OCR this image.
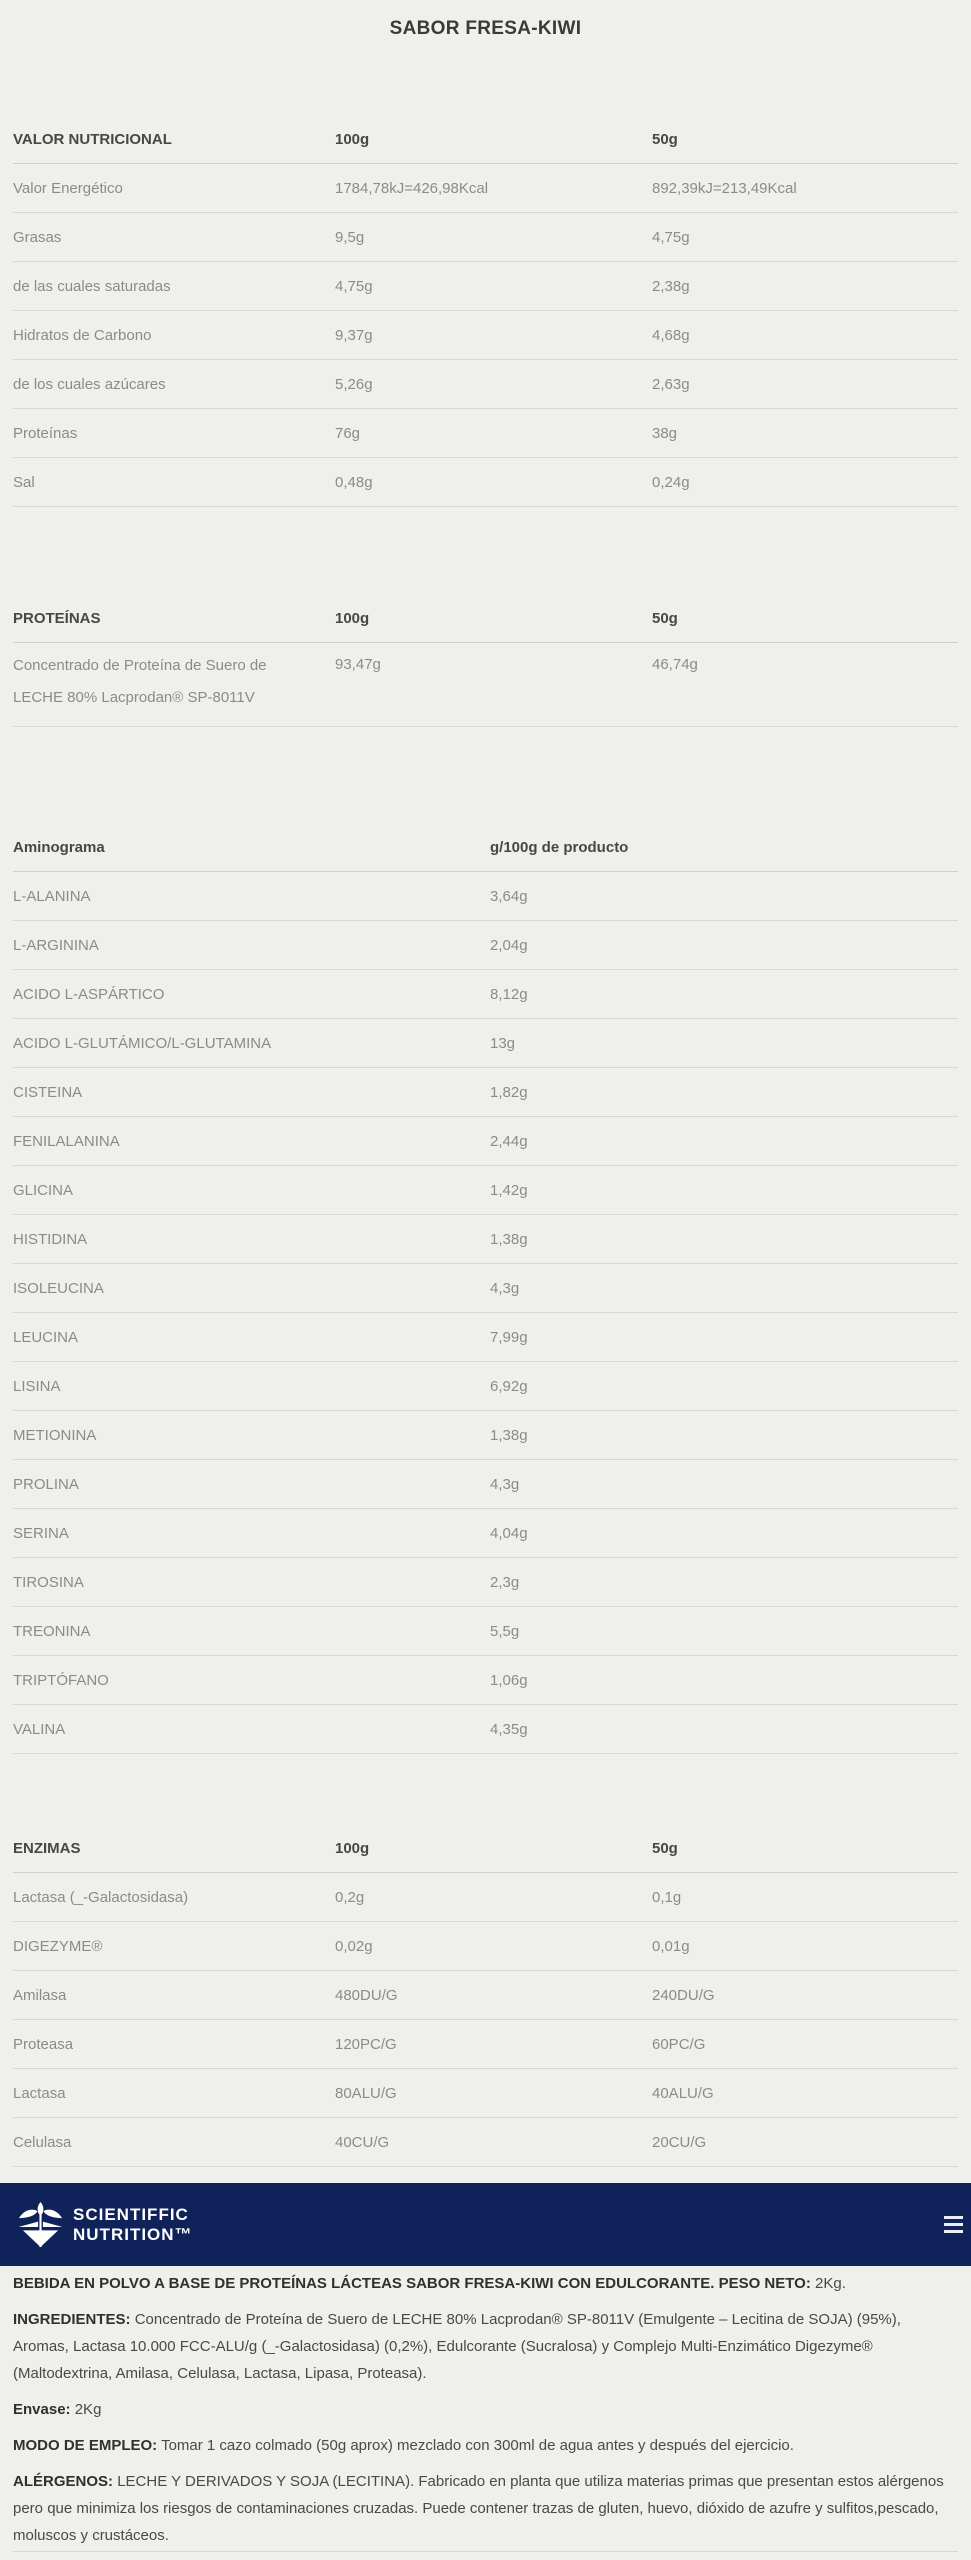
SABOR FRESA-KIWI
VALOR NUTRICIONAL	100g	50g
Valor Energético	1784,78kJ=426,98Kcal	892,39kJ=213,49Kcal
Grasas	9,5g	4,75g
de las cuales saturadas	4,75g	2,38g
Hidratos de Carbono	9,37g	4,68g
de los cuales azúcares	5,26g	2,63g
Proteínas	76g	38g
Sal	0,48g	0,24g
PROTEÍNAS	100g	50g
Concentrado de Proteína de Suero de LECHE 80% Lacprodan® SP-8011V
93,47g	46,74g
Aminograma	g/100g de producto
L-ALANINA	3,64g
L-ARGININA	2,04g
ACIDO L-ASPÁRTICO	8,12g
ACIDO L-GLUTÁMICO/L-GLUTAMINA	13g
CISTEINA	1,82g
FENILALANINA	2,44g
GLICINA	1,42g
HISTIDINA	1,38g
ISOLEUCINA	4,3g
LEUCINA	7,99g
LISINA	6,92g
METIONINA	1,38g
PROLINA	4,3g
SERINA	4,04g
TIROSINA	2,3g
TREONINA	5,5g
TRIPTÓFANO	1,06g
VALINA	4,35g
ENZIMAS	100g	50g
Lactasa (_-Galactosidasa)	0,2g	0,1g
DIGEZYME®	0,02g	0,01g
Amilasa	480DU/G	240DU/G
Proteasa	120PC/G	60PC/G
Lactasa	80ALU/G	40ALU/G
Celulasa	40CU/G	20CU/G
SCIENTIFFIC
NUTRITION™

BEBIDA EN POLVO A BASE DE PROTEÍNAS LÁCTEAS SABOR FRESA-KIWI CON EDULCORANTE. PESO NETO: 2Kg.

INGREDIENTES: Concentrado de Proteína de Suero de LECHE 80% Lacprodan® SP-8011V (Emulgente – Lecitina de SOJA) (95%), Aromas, Lactasa 10.000 FCC-ALU/g (_-Galactosidasa) (0,2%), Edulcorante (Sucralosa) y Complejo Multi-Enzimático Digezyme® (Maltodextrina, Amilasa, Celulasa, Lactasa, Lipasa, Proteasa).

Envase: 2Kg

MODO DE EMPLEO: Tomar 1 cazo colmado (50g aprox) mezclado con 300ml de agua antes y después del ejercicio.

ALÉRGENOS: LECHE Y DERIVADOS Y SOJA (LECITINA). Fabricado en planta que utiliza materias primas que presentan estos alérgenos pero que minimiza los riesgos de contaminaciones cruzadas. Puede contener trazas de gluten, huevo, dióxido de azufre y sulfitos,pescado, moluscos y crustáceos.
